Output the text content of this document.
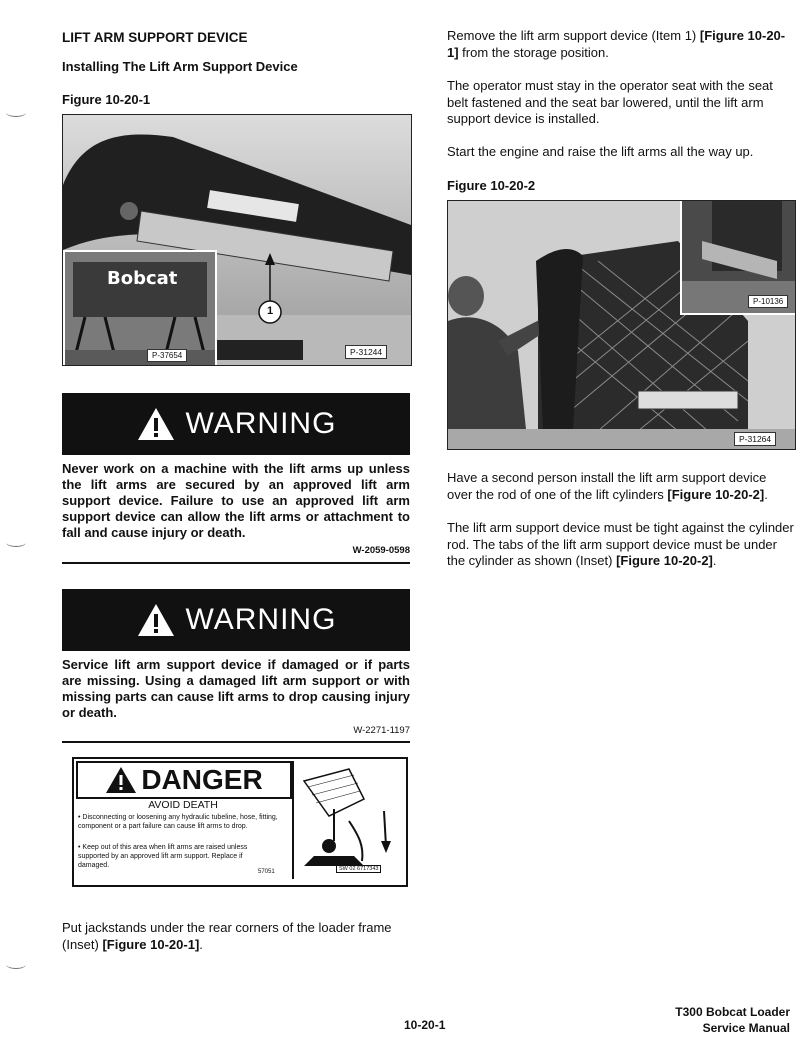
LIFT ARM SUPPORT DEVICE
Installing The Lift Arm Support Device
Figure 10-20-1
1
Bobcat
P-37654	P-31244
WARNING
Never work on a machine with the lift arms up unless the lift arms are secured by an approved lift arm support device. Failure to use an approved lift arm support device can allow the lift arms or attachment to fall and cause injury or death.
W-2059-0598
WARNING
Service lift arm support device if damaged or if parts are missing. Using a damaged lift arm support or with missing parts can cause lift arms to drop causing injury or death.
W-2271-1197
DANGER
AVOID DEATH
• Disconnecting or loosening any hydraulic tubeline, hose, fitting, component or a part failure can cause lift arms to drop.
• Keep out of this area when lift arms are raised unless supported by an approved lift arm support. Replace if damaged.
57051	SW 02 6717343
Put jackstands under the rear corners of the loader frame (Inset) [Figure 10-20-1].
Remove the lift arm support device (Item 1) [Figure 10-20-1] from the storage position.
The operator must stay in the operator seat with the seat belt fastened and the seat bar lowered, until the lift arm support device is installed.
Start the engine and raise the lift arms all the way up.
Figure 10-20-2
P-10136
P-31264
Have a second person install the lift arm support device over the rod of one of the lift cylinders [Figure 10-20-2].
The lift arm support device must be tight against the cylinder rod. The tabs of the lift arm support device must be under the cylinder as shown (Inset) [Figure 10-20-2].
10-20-1
T300 Bobcat Loader
Service Manual
